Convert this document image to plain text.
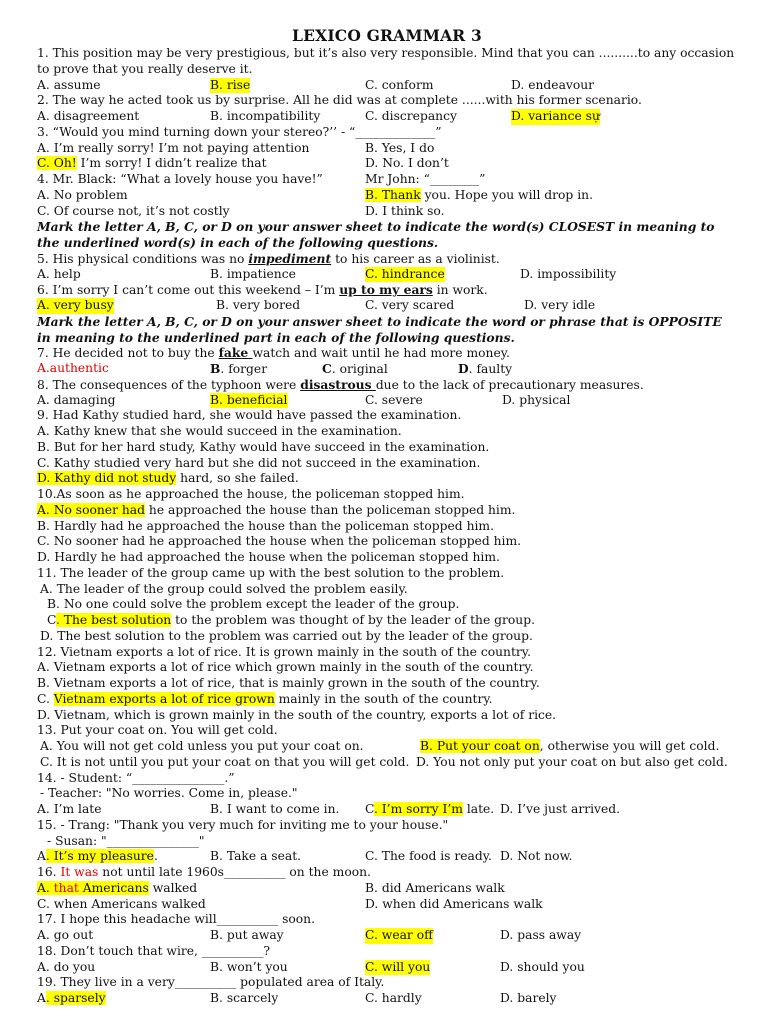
LEXICO GRAMMAR 3
1. This position may be very prestigious, but it’s also very responsible. Mind that you can ..........to any occasion to prove that you really deserve it.
A. assume	B. rise	C. conform	D. endeavour
2. The way he acted took us by surprise. All he did was at complete ......with his former scenario.
A. disagreement	B. incompatibility	C. discrepancy	D. variance sự
3. “Would you mind turning down your stereo?’’ - “_____________”
A. I’m really sorry! I’m not paying attention	B. Yes, I do
C. Oh! I’m sorry! I didn’t realize that	D. No. I don’t
4. Mr. Black: “What a lovely house you have!”	Mr John: “________”
A. No problem	B. Thank you. Hope you will drop in.
C. Of course not, it’s not costly	D. I think so.
Mark the letter A, B, C, or D on your answer sheet to indicate the word(s) CLOSEST in meaning to the underlined word(s) in each of the following questions.
5. His physical conditions was no impediment to his career as a violinist.
A. help	B. impatience	C. hindrance	D. impossibility
6. I’m sorry I can’t come out this weekend – I’m up to my ears in work.
A. very busy	B. very bored	C. very scared	D. very idle
Mark the letter A, B, C, or D on your answer sheet to indicate the word or phrase that is OPPOSITE in meaning to the underlined part in each of the following questions.
7. He decided not to buy the fake watch and wait until he had more money.
A.authentic	B. forger	C. original	D. faulty
8. The consequences of the typhoon were disastrous due to the lack of precautionary measures.
A. damaging	B. beneficial	C. severe	D. physical
9. Had Kathy studied hard, she would have passed the examination.
A. Kathy knew that she would succeed in the examination.
B. But for her hard study, Kathy would have succeed in the examination.
C. Kathy studied very hard but she did not succeed in the examination.
D. Kathy did not study hard, so she failed.
10.As soon as he approached the house, the policeman stopped him.
A. No sooner had he approached the house than the policeman stopped him.
B. Hardly had he approached the house than the policeman stopped him.
C. No sooner had he approached the house when the policeman stopped him.
D. Hardly he had approached the house when the policeman stopped him.
11. The leader of the group came up with the best solution to the problem.
A. The leader of the group could solved the problem easily.
B. No one could solve the problem except the leader of the group.
C. The best solution to the problem was thought of by the leader of the group.
D. The best solution to the problem was carried out by the leader of the group.
12. Vietnam exports a lot of rice. It is grown mainly in the south of the country.
A. Vietnam exports a lot of rice which grown mainly in the south of the country.
B. Vietnam exports a lot of rice, that is mainly grown in the south of the country.
C. Vietnam exports a lot of rice grown mainly in the south of the country.
D. Vietnam, which is grown mainly in the south of the country, exports a lot of rice.
13. Put your coat on. You will get cold.
A. You will not get cold unless you put your coat on.	B. Put your coat on, otherwise you will get cold.
C. It is not until you put your coat on that you will get cold. D. You not only put your coat on but also get cold.
14. - Student: “_______________.”
- Teacher: "No worries. Come in, please."
A. I’m late	B. I want to come in. C. I’m sorry I’m late. D. I’ve just arrived.
15. - Trang: "Thank you very much for inviting me to your house."
- Susan: "_______________"
A. It’s my pleasure.	B. Take a seat.	C. The food is ready. D. Not now.
16. It was not until late 1960s__________ on the moon.
A. that Americans walked	B. did Americans walk
C. when Americans walked	D. when did Americans walk
17. I hope this headache will__________ soon.
A. go out	B. put away	C. wear off	D. pass away
18. Don’t touch that wire, __________?
A. do you	B. won’t you	C. will you	D. should you
19. They live in a very__________ populated area of Italy.
A. sparsely	B. scarcely	C. hardly	D. barely
